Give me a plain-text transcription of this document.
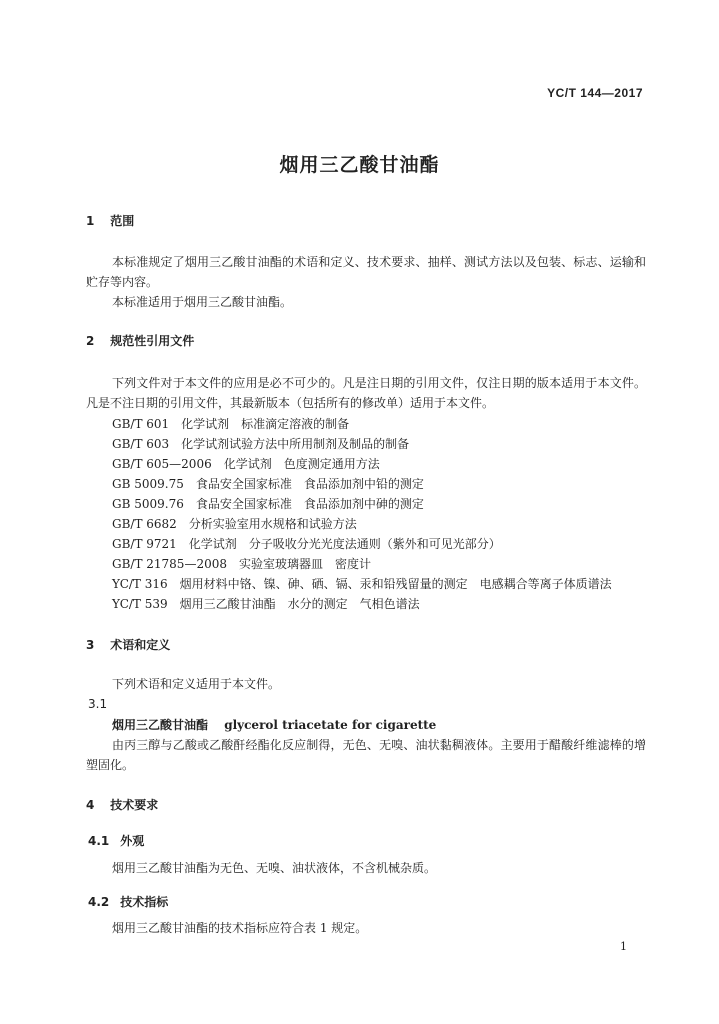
YC/T 144—2017
烟用三乙酸甘油酯
1 范围
本标准规定了烟用三乙酸甘油酯的术语和定义、技术要求、抽样、测试方法以及包装、标志、运输和贮存等内容。
本标准适用于烟用三乙酸甘油酯。
2 规范性引用文件
下列文件对于本文件的应用是必不可少的。凡是注日期的引用文件，仅注日期的版本适用于本文件。凡是不注日期的引用文件，其最新版本（包括所有的修改单）适用于本文件。
GB/T 601　化学试剂　标准滴定溶液的制备
GB/T 603　化学试剂试验方法中所用制剂及制品的制备
GB/T 605—2006　化学试剂　色度测定通用方法
GB 5009.75　食品安全国家标准　食品添加剂中铅的测定
GB 5009.76　食品安全国家标准　食品添加剂中砷的测定
GB/T 6682　分析实验室用水规格和试验方法
GB/T 9721　化学试剂　分子吸收分光光度法通则（紫外和可见光部分）
GB/T 21785—2008　实验室玻璃器皿　密度计
YC/T 316　烟用材料中铬、镍、砷、硒、镉、汞和铅残留量的测定　电感耦合等离子体质谱法
YC/T 539　烟用三乙酸甘油酯　水分的测定　气相色谱法
3 术语和定义
下列术语和定义适用于本文件。
3.1
烟用三乙酸甘油酯 glycerol triacetate for cigarette
由丙三醇与乙酸或乙酸酐经酯化反应制得，无色、无嗅、油状黏稠液体。主要用于醋酸纤维滤棒的增塑固化。
4 技术要求
4.1 外观
烟用三乙酸甘油酯为无色、无嗅、油状液体，不含机械杂质。
4.2 技术指标
烟用三乙酸甘油酯的技术指标应符合表 1 规定。
1
